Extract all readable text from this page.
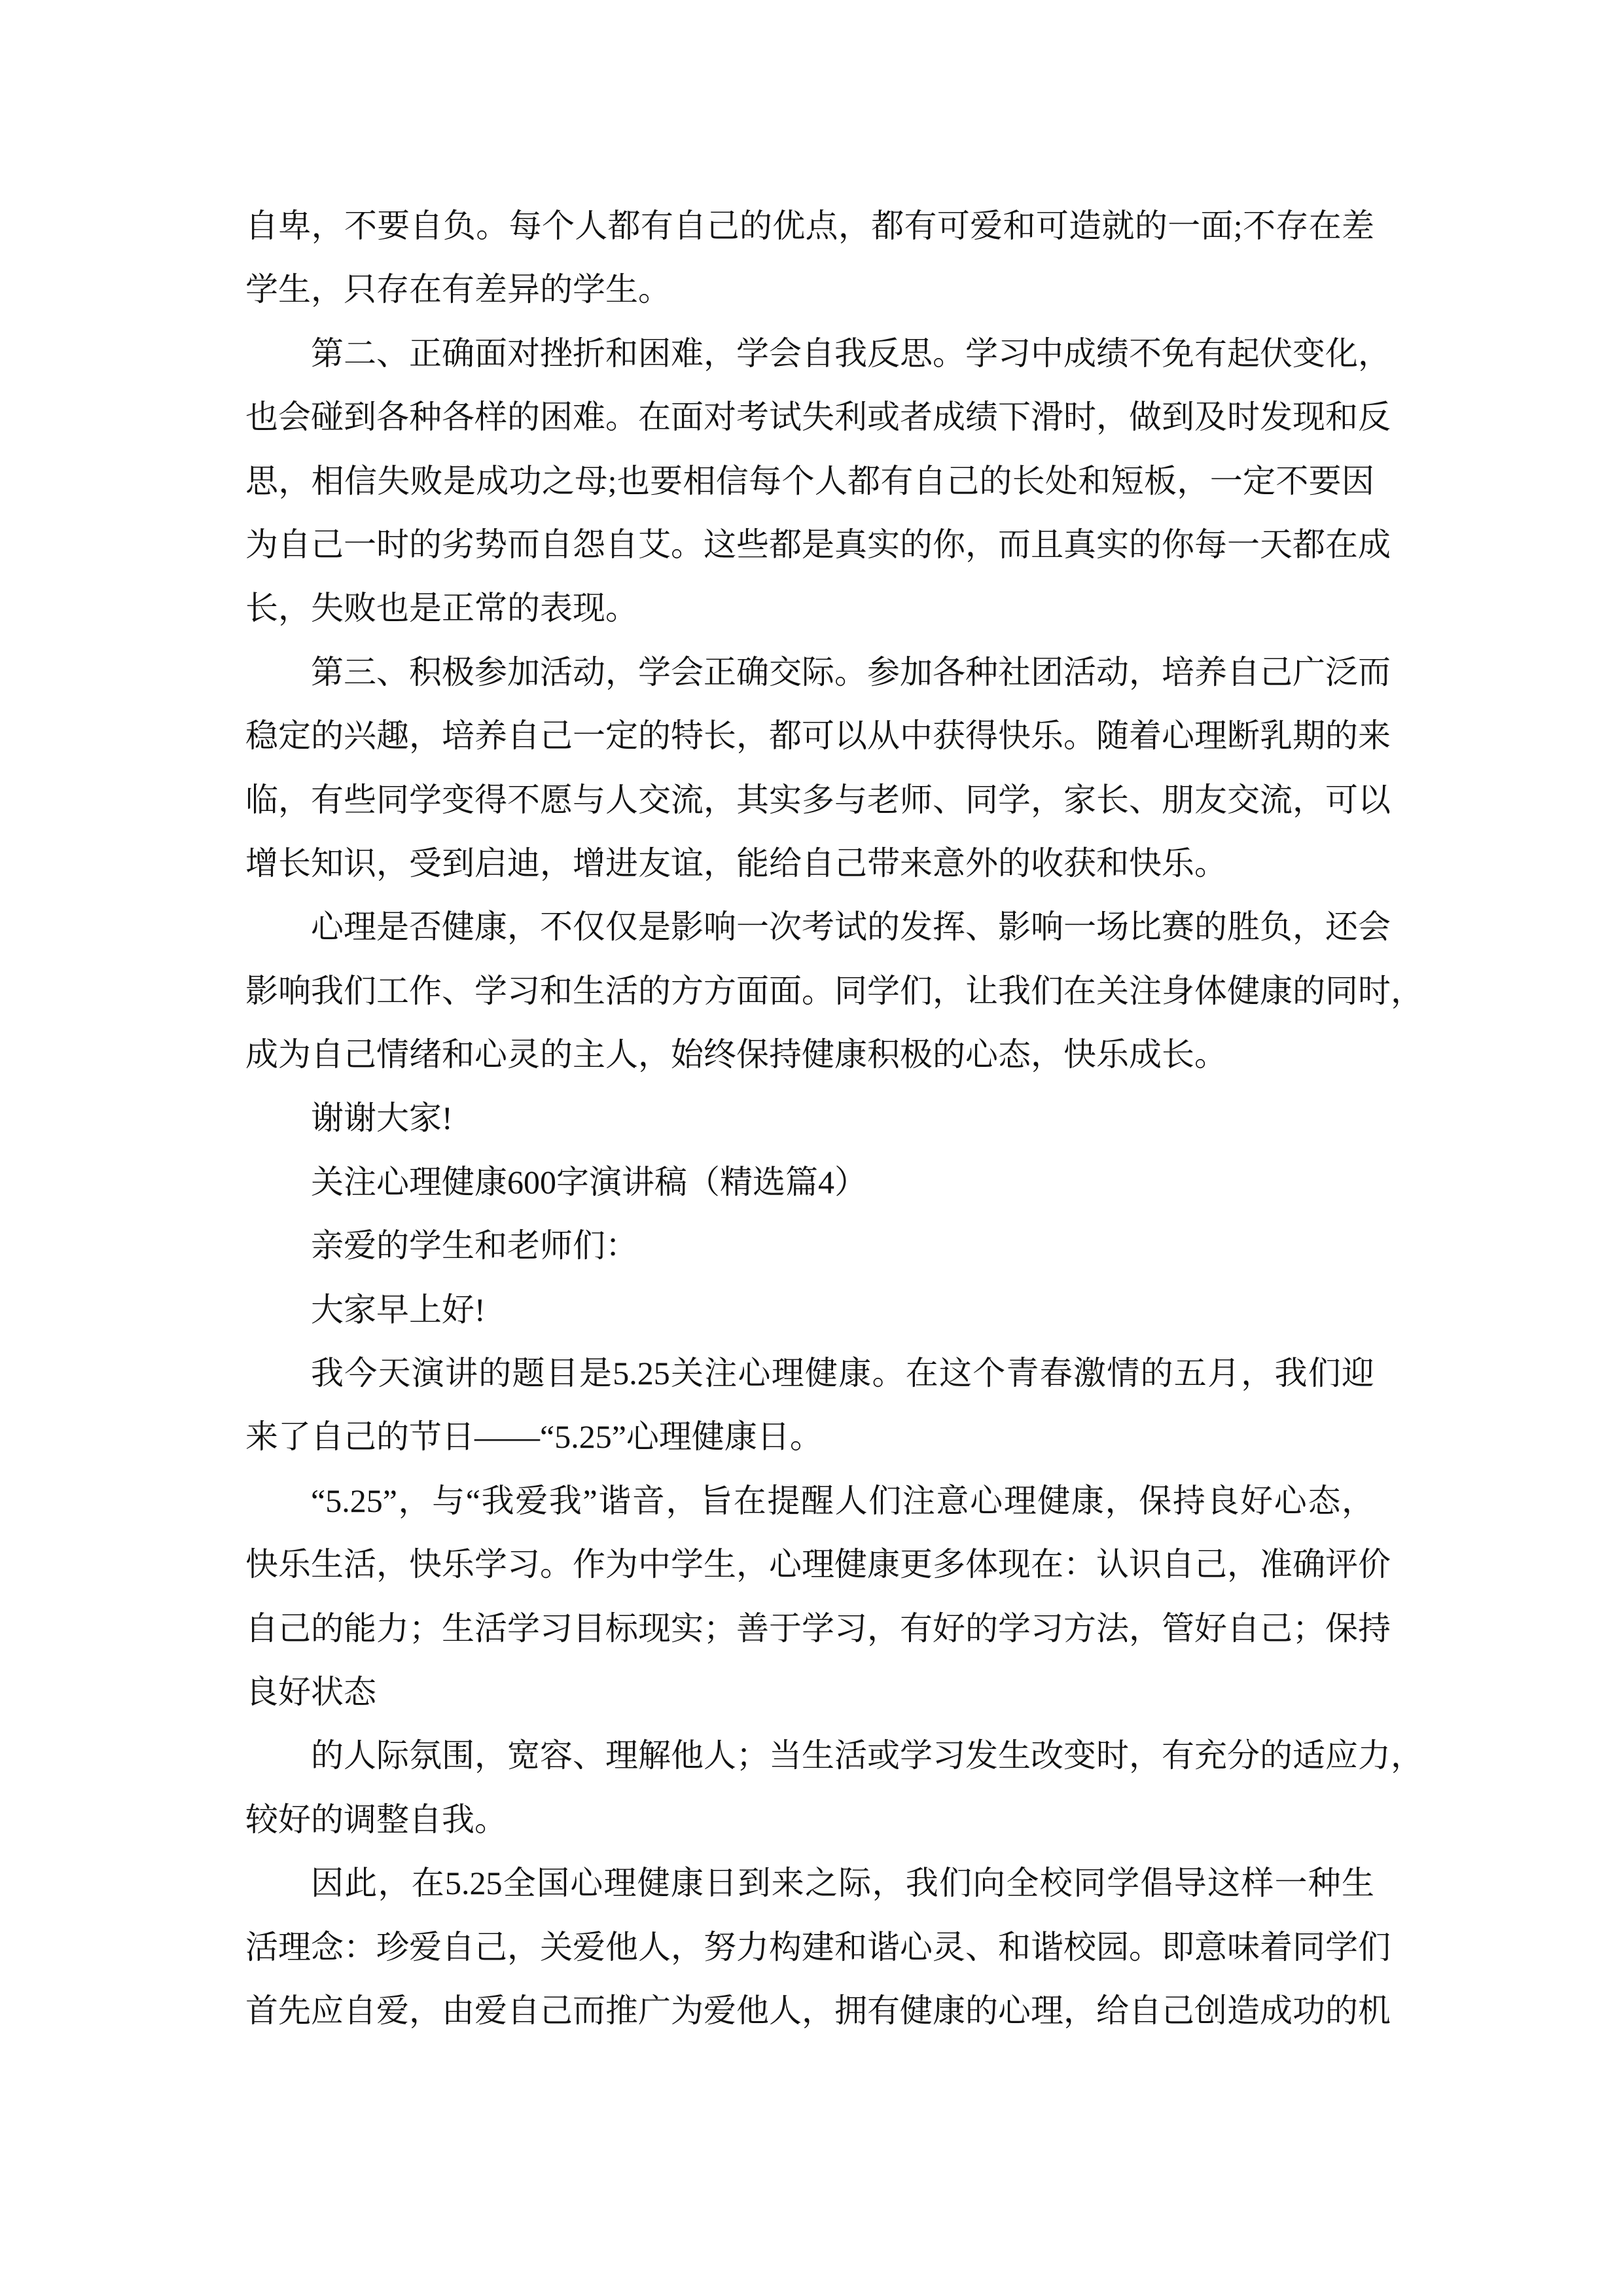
自卑，不要自负。每个人都有自己的优点，都有可爱和可造就的一面;不存在差
学生，只存在有差异的学生。
第二、正确面对挫折和困难，学会自我反思。学习中成绩不免有起伏变化，
也会碰到各种各样的困难。在面对考试失利或者成绩下滑时，做到及时发现和反
思，相信失败是成功之母;也要相信每个人都有自己的长处和短板，一定不要因
为自己一时的劣势而自怨自艾。这些都是真实的你，而且真实的你每一天都在成
长，失败也是正常的表现。
第三、积极参加活动，学会正确交际。参加各种社团活动，培养自己广泛而
稳定的兴趣，培养自己一定的特长，都可以从中获得快乐。随着心理断乳期的来
临，有些同学变得不愿与人交流，其实多与老师、同学，家长、朋友交流，可以
增长知识，受到启迪，增进友谊，能给自己带来意外的收获和快乐。
心理是否健康，不仅仅是影响一次考试的发挥、影响一场比赛的胜负，还会
影响我们工作、学习和生活的方方面面。同学们，让我们在关注身体健康的同时，
成为自己情绪和心灵的主人，始终保持健康积极的心态，快乐成长。
谢谢大家!
关注心理健康600字演讲稿（精选篇4）
亲爱的学生和老师们：
大家早上好!
我今天演讲的题目是5.25关注心理健康。在这个青春激情的五月，我们迎
来了自己的节日——“5.25”心理健康日。
“5.25”，与“我爱我”谐音，旨在提醒人们注意心理健康，保持良好心态，
快乐生活，快乐学习。作为中学生，心理健康更多体现在：认识自己，准确评价
自己的能力；生活学习目标现实；善于学习，有好的学习方法，管好自己；保持
良好状态
的人际氛围，宽容、理解他人；当生活或学习发生改变时，有充分的适应力，
较好的调整自我。
因此，在5.25全国心理健康日到来之际，我们向全校同学倡导这样一种生
活理念：珍爱自己，关爱他人，努力构建和谐心灵、和谐校园。即意味着同学们
首先应自爱，由爱自己而推广为爱他人，拥有健康的心理，给自己创造成功的机
